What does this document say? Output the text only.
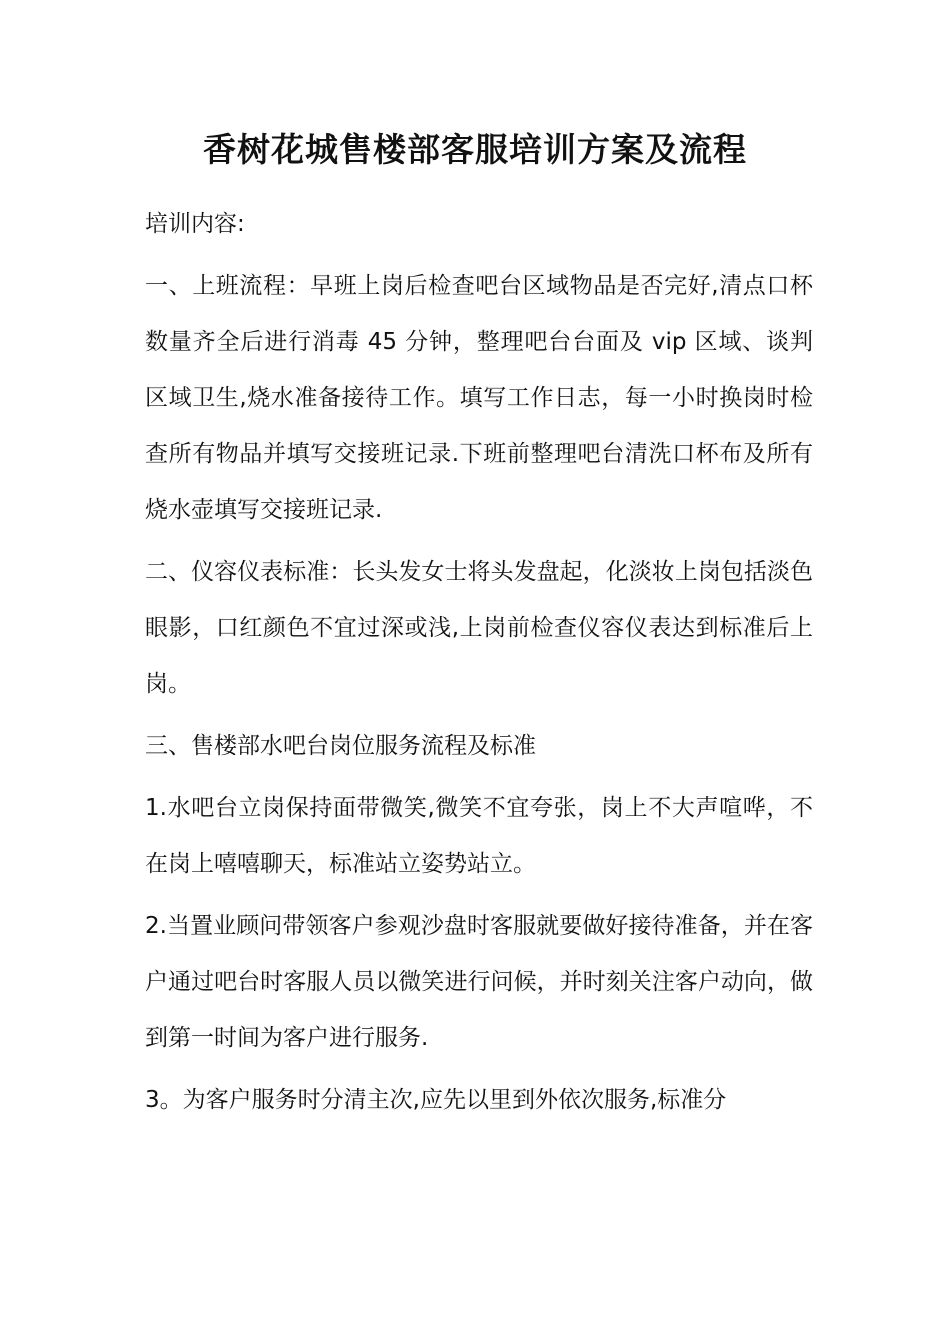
香树花城售楼部客服培训方案及流程

培训内容:

一、上班流程：早班上岗后检查吧台区域物品是否完好,清点口杯数量齐全后进行消毒 45 分钟，整理吧台台面及 vip 区域、谈判区域卫生,烧水准备接待工作。填写工作日志，每一小时换岗时检查所有物品并填写交接班记录.下班前整理吧台清洗口杯布及所有烧水壶填写交接班记录.

二、仪容仪表标准：长头发女士将头发盘起，化淡妆上岗包括淡色眼影，口红颜色不宜过深或浅,上岗前检查仪容仪表达到标准后上岗。

三、售楼部水吧台岗位服务流程及标准

1.水吧台立岗保持面带微笑,微笑不宜夸张，岗上不大声喧哗，不在岗上嘻嘻聊天，标准站立姿势站立。

2.当置业顾问带领客户参观沙盘时客服就要做好接待准备，并在客户通过吧台时客服人员以微笑进行问候，并时刻关注客户动向，做到第一时间为客户进行服务.

3。为客户服务时分清主次,应先以里到外依次服务,标准分
